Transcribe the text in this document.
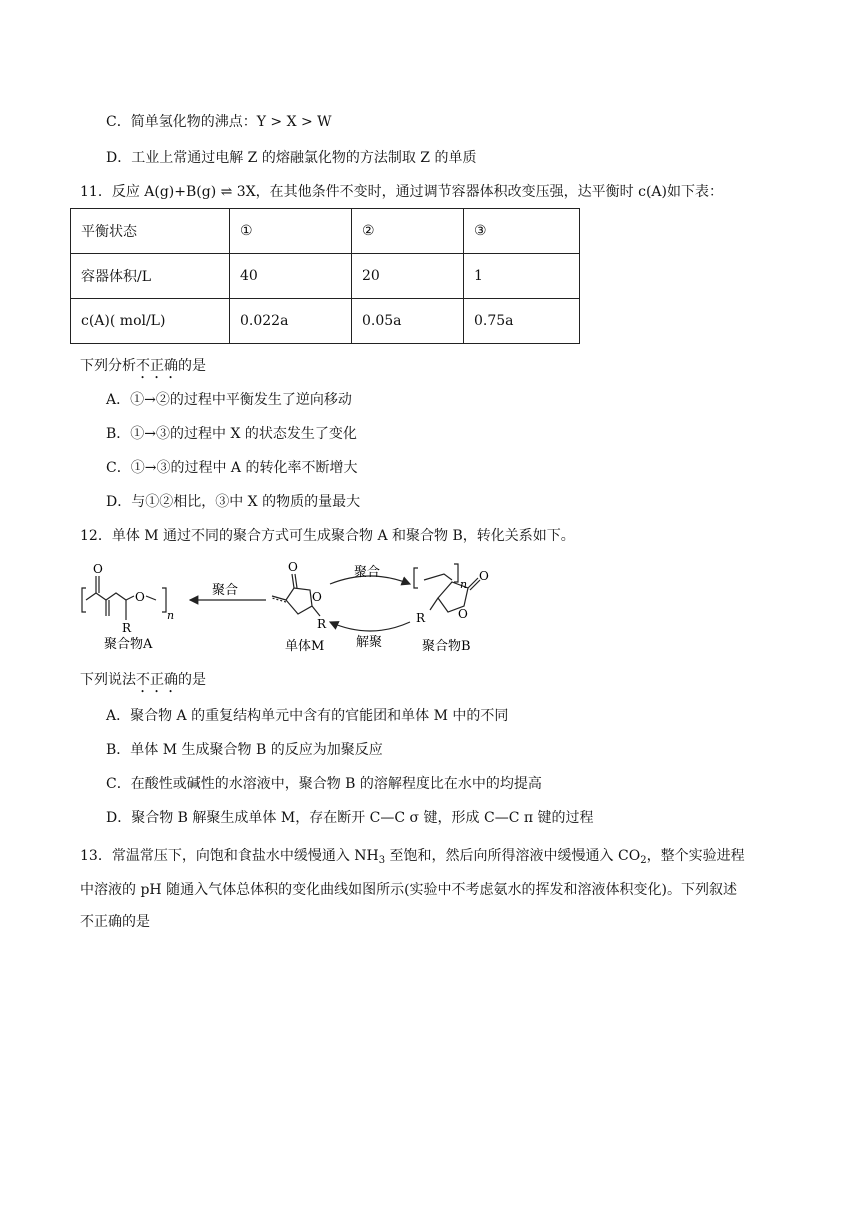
C．简单氢化物的沸点：Y > X > W
D．工业上常通过电解 Z 的熔融氯化物的方法制取 Z 的单质
11．反应 A(g)+B(g) ⇌ 3X，在其他条件不变时，通过调节容器体积改变压强，达平衡时 c(A)如下表：
平衡状态	①	②	③
容器体积/L	40	20	1
c(A)( mol/L)	0.022a	0.05a	0.75a
下列分析不正确的是
A．①→②的过程中平衡发生了逆向移动
B．①→③的过程中 X 的状态发生了变化
C．①→③的过程中 A 的转化率不断增大
D．与①②相比，③中 X 的物质的量最大
12．单体 M 通过不同的聚合方式可生成聚合物 A 和聚合物 B，转化关系如下。
O
O
R
n
聚合物A
聚合
O
O
R
单体M
聚合
解聚
n
O
O
R
聚合物B
下列说法不正确的是
A．聚合物 A 的重复结构单元中含有的官能团和单体 M 中的不同
B．单体 M 生成聚合物 B 的反应为加聚反应
C．在酸性或碱性的水溶液中，聚合物 B 的溶解程度比在水中的均提高
D．聚合物 B 解聚生成单体 M，存在断开 C—C σ 键，形成 C—C π 键的过程
13．常温常压下，向饱和食盐水中缓慢通入 $NH_3$ 至饱和，然后向所得溶液中缓慢通入 $CO_2$，整个实验进程
中溶液的 pH 随通入气体总体积的变化曲线如图所示(实验中不考虑氨水的挥发和溶液体积变化)。下列叙述
不正确的是
